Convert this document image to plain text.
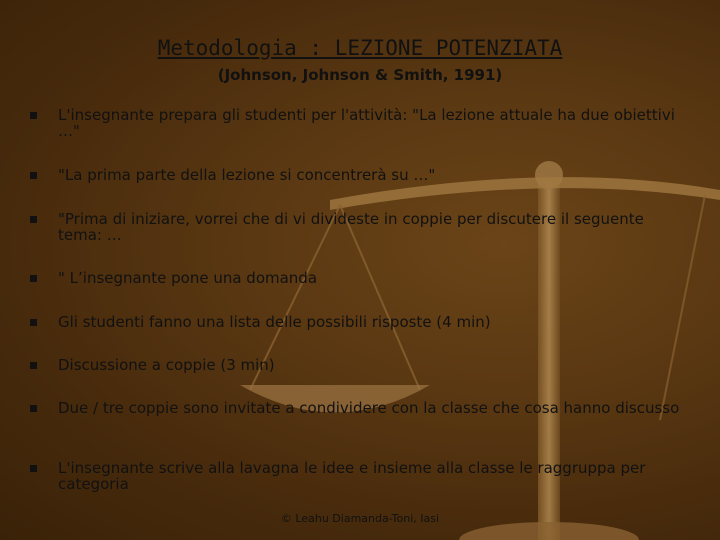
Metodologia : LEZIONE POTENZIATA
(Johnson, Johnson & Smith, 1991)
L'insegnante prepara gli studenti per l'attività: "La lezione attuale ha due obiettivi …"
"La prima parte della lezione si concentrerà su …"
"Prima di iniziare, vorrei che di vi divideste in coppie per discutere il seguente tema: …
" L’insegnante pone una domanda
Gli studenti fanno una lista delle possibili risposte (4 min)
Discussione a coppie (3 min)
Due / tre coppie sono invitate a condividere con la classe che cosa hanno discusso
L'insegnante scrive alla lavagna le idee e insieme alla classe le raggruppa per categoria
© Leahu Diamanda-Toni, Iasi
